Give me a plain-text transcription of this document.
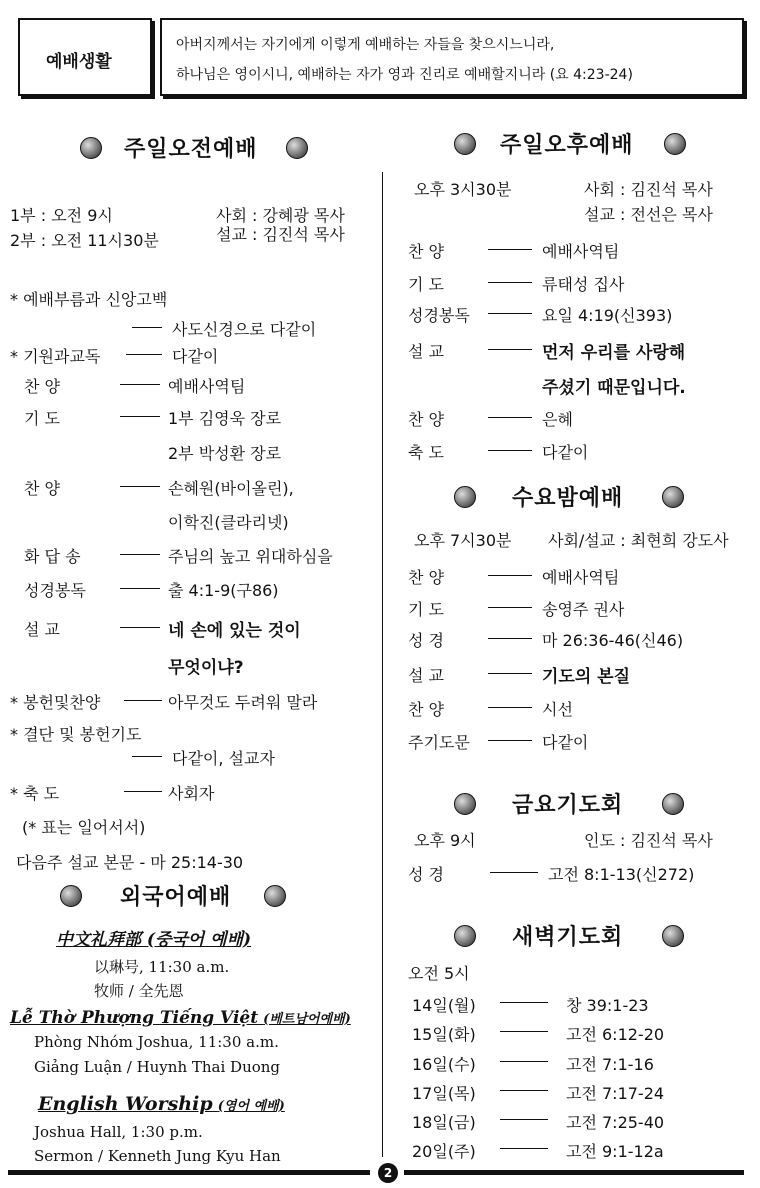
예배생활
아버지께서는 자기에게 이렇게 예배하는 자들을 찾으시느니라,
하나님은 영이시니, 예배하는 자가 영과 진리로 예배할지니라 (요 4:23-24)
주일오전예배
1부 : 오전 9시
2부 : 오전 11시30분
사회 : 강혜광 목사
설교 : 김진석 목사
* 예배부름과 신앙고백
사도신경으로 다같이
* 기원과교독	다같이
찬 양	예배사역팀
기 도	1부 김영욱 장로
2부 박성환 장로
찬 양	손혜원(바이올린),
이학진(클라리넷)
화 답 송	주님의 높고 위대하심을
성경봉독	출 4:1-9(구86)
설 교	네 손에 있는 것이
무엇이냐?
* 봉헌및찬양	아무것도 두려워 말라
* 결단 및 봉헌기도
다같이, 설교자
* 축 도	사회자
(* 표는 일어서서)
다음주 설교 본문 - 마 25:14-30
외국어예배
中文礼拜部 (중국어 예배)
以琳号, 11:30 a.m.
牧师 / 全先恩
Lễ Thờ Phượng Tiếng Việt (베트남어예배)
Phòng Nhóm Joshua, 11:30 a.m.
Giảng Luận / Huynh Thai Duong
English Worship (영어 예배)
Joshua Hall, 1:30 p.m.
Sermon / Kenneth Jung Kyu Han
주일오후예배
오후 3시30분	사회 : 김진석 목사
설교 : 전선은 목사
찬 양	예배사역팀
기 도	류태성 집사
성경봉독	요일 4:19(신393)
설 교	먼저 우리를 사랑해
주셨기 때문입니다.
찬 양	은혜
축 도	다같이
수요밤예배
오후 7시30분 사회/설교 : 최현희 강도사
찬 양	예배사역팀
기 도	송영주 권사
성 경	마 26:36-46(신46)
설 교	기도의 본질
찬 양	시선
주기도문	다같이
금요기도회
오후 9시	인도 : 김진석 목사
성 경	고전 8:1-13(신272)
새벽기도회
오전 5시
14일(월)	창 39:1-23
15일(화)	고전 6:12-20
16일(수)	고전 7:1-16
17일(목)	고전 7:17-24
18일(금)	고전 7:25-40
20일(주)	고전 9:1-12a
2
